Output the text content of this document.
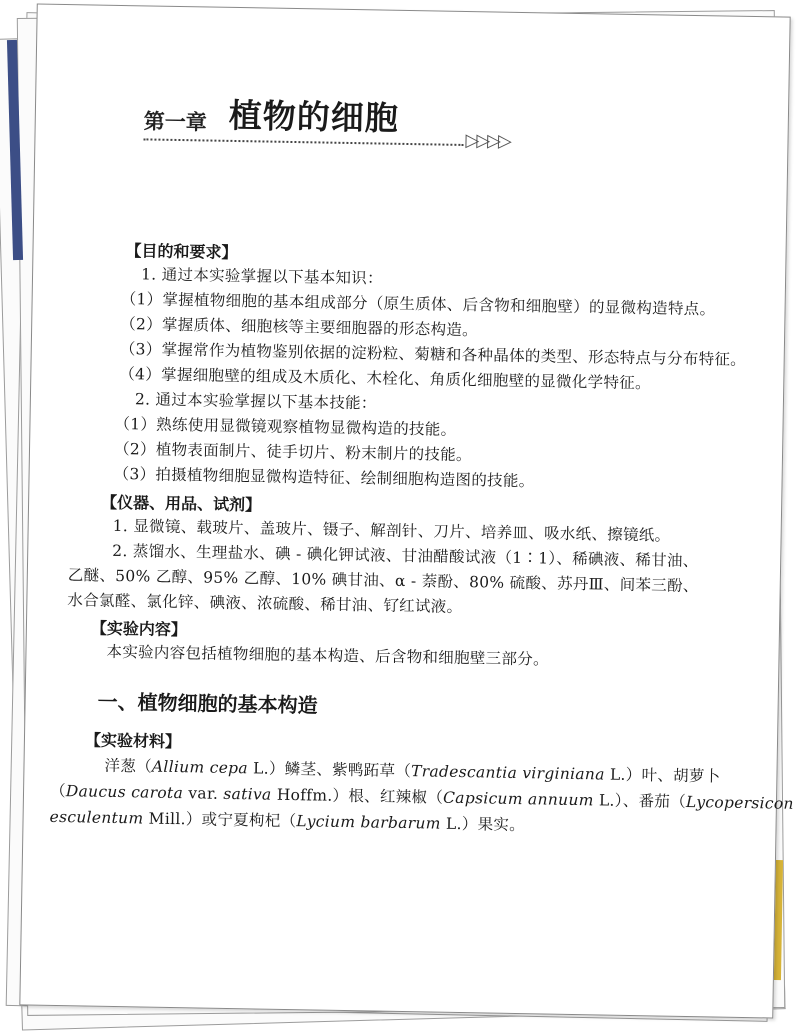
第一章 植物的细胞
▷▷▷▷
【目的和要求】
1. 通过本实验掌握以下基本知识：
（1）掌握植物细胞的基本组成部分（原生质体、后含物和细胞壁）的显微构造特点。
（2）掌握质体、细胞核等主要细胞器的形态构造。
（3）掌握常作为植物鉴别依据的淀粉粒、菊糖和各种晶体的类型、形态特点与分布特征。
（4）掌握细胞壁的组成及木质化、木栓化、角质化细胞壁的显微化学特征。
2. 通过本实验掌握以下基本技能：
（1）熟练使用显微镜观察植物显微构造的技能。
（2）植物表面制片、徒手切片、粉末制片的技能。
（3）拍摄植物细胞显微构造特征、绘制细胞构造图的技能。
【仪器、用品、试剂】
1. 显微镜、载玻片、盖玻片、镊子、解剖针、刀片、培养皿、吸水纸、擦镜纸。
2. 蒸馏水、生理盐水、碘 - 碘化钾试液、甘油醋酸试液（1∶1）、稀碘液、稀甘油、
乙醚、50% 乙醇、95% 乙醇、10% 碘甘油、α - 萘酚、80% 硫酸、苏丹Ⅲ、间苯三酚、
水合氯醛、氯化锌、碘液、浓硫酸、稀甘油、钌红试液。
【实验内容】
本实验内容包括植物细胞的基本构造、后含物和细胞壁三部分。
一、植物细胞的基本构造
【实验材料】
洋葱（Allium cepa L.）鳞茎、紫鸭跖草（Tradescantia virginiana L.）叶、胡萝卜
（Daucus carota var. sativa Hoffm.）根、红辣椒（Capsicum annuum L.）、番茄（Lycopersicon
esculentum Mill.）或宁夏枸杞（Lycium barbarum L.）果实。
